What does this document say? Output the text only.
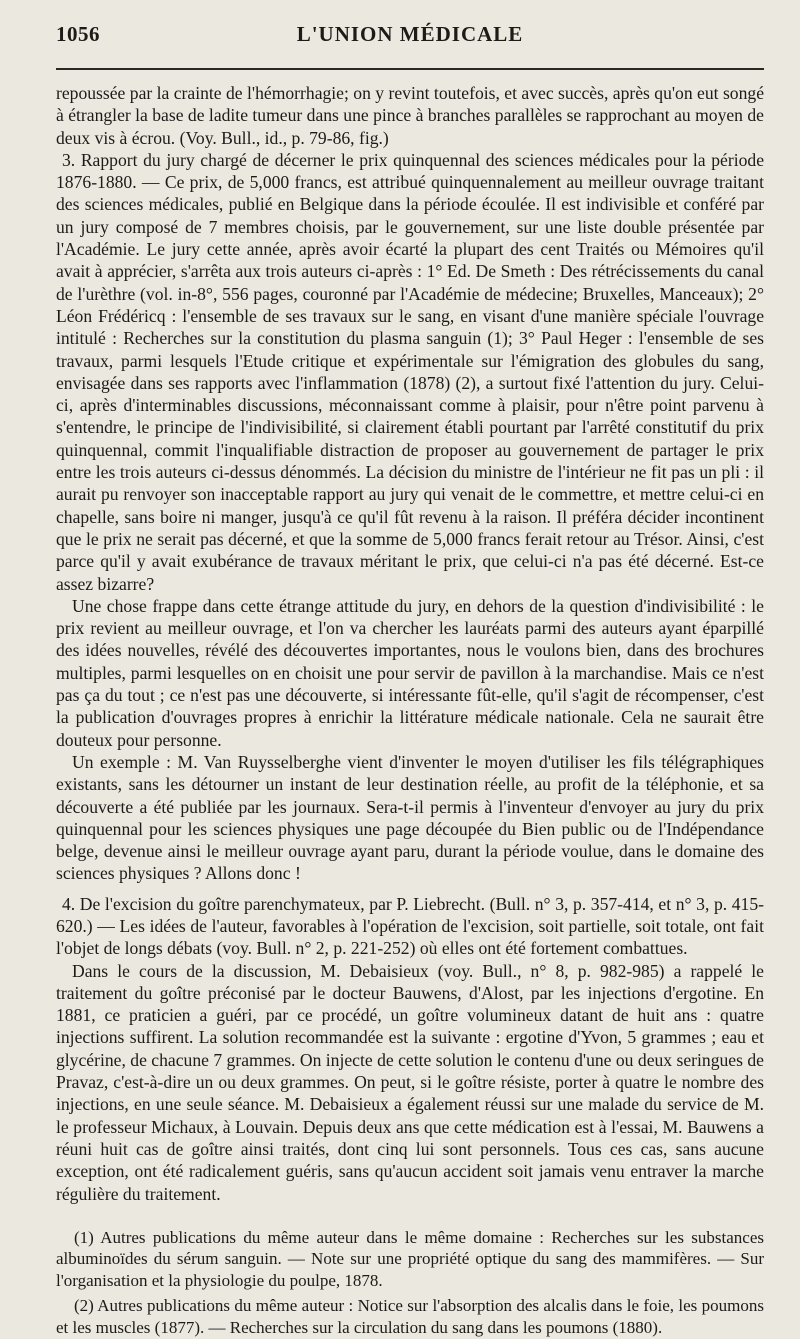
1056	L'UNION MÉDICALE

repoussée par la crainte de l'hémorrhagie; on y revint toutefois, et avec succès, après qu'on eut songé à étrangler la base de ladite tumeur dans une pince à branches parallèles se rapprochant au moyen de deux vis à écrou. (Voy. Bull., id., p. 79-86, fig.)

3. Rapport du jury chargé de décerner le prix quinquennal des sciences médicales pour la période 1876-1880. — Ce prix, de 5,000 francs, est attribué quinquennalement au meilleur ouvrage traitant des sciences médicales, publié en Belgique dans la période écoulée. Il est indivisible et conféré par un jury composé de 7 membres choisis, par le gouvernement, sur une liste double présentée par l'Académie. Le jury cette année, après avoir écarté la plupart des cent Traités ou Mémoires qu'il avait à apprécier, s'arrêta aux trois auteurs ci-après : 1° Ed. De Smeth : Des rétrécissements du canal de l'urèthre (vol. in-8°, 556 pages, couronné par l'Académie de médecine; Bruxelles, Manceaux); 2° Léon Frédéricq : l'ensemble de ses travaux sur le sang, en visant d'une manière spéciale l'ouvrage intitulé : Recherches sur la constitution du plasma sanguin (1); 3° Paul Heger : l'ensemble de ses travaux, parmi lesquels l'Etude critique et expérimentale sur l'émigration des globules du sang, envisagée dans ses rapports avec l'inflammation (1878) (2), a surtout fixé l'attention du jury. Celui-ci, après d'interminables discussions, méconnaissant comme à plaisir, pour n'être point parvenu à s'entendre, le principe de l'indivisibilité, si clairement établi pourtant par l'arrêté constitutif du prix quinquennal, commit l'inqualifiable distraction de proposer au gouvernement de partager le prix entre les trois auteurs ci-dessus dénommés. La décision du ministre de l'intérieur ne fit pas un pli : il aurait pu renvoyer son inacceptable rapport au jury qui venait de le commettre, et mettre celui-ci en chapelle, sans boire ni manger, jusqu'à ce qu'il fût revenu à la raison. Il préféra décider incontinent que le prix ne serait pas décerné, et que la somme de 5,000 francs ferait retour au Trésor. Ainsi, c'est parce qu'il y avait exubérance de travaux méritant le prix, que celui-ci n'a pas été décerné. Est-ce assez bizarre?

Une chose frappe dans cette étrange attitude du jury, en dehors de la question d'indivisibilité : le prix revient au meilleur ouvrage, et l'on va chercher les lauréats parmi des auteurs ayant éparpillé des idées nouvelles, révélé des découvertes importantes, nous le voulons bien, dans des brochures multiples, parmi lesquelles on en choisit une pour servir de pavillon à la marchandise. Mais ce n'est pas ça du tout ; ce n'est pas une découverte, si intéressante fût-elle, qu'il s'agit de récompenser, c'est la publication d'ouvrages propres à enrichir la littérature médicale nationale. Cela ne saurait être douteux pour personne.

Un exemple : M. Van Ruysselberghe vient d'inventer le moyen d'utiliser les fils télégraphiques existants, sans les détourner un instant de leur destination réelle, au profit de la téléphonie, et sa découverte a été publiée par les journaux. Sera-t-il permis à l'inventeur d'envoyer au jury du prix quinquennal pour les sciences physiques une page découpée du Bien public ou de l'Indépendance belge, devenue ainsi le meilleur ouvrage ayant paru, durant la période voulue, dans le domaine des sciences physiques ? Allons donc !

4. De l'excision du goître parenchymateux, par P. Liebrecht. (Bull. n° 3, p. 357-414, et n° 3, p. 415-620.) — Les idées de l'auteur, favorables à l'opération de l'excision, soit partielle, soit totale, ont fait l'objet de longs débats (voy. Bull. n° 2, p. 221-252) où elles ont été fortement combattues.

Dans le cours de la discussion, M. Debaisieux (voy. Bull., n° 8, p. 982-985) a rappelé le traitement du goître préconisé par le docteur Bauwens, d'Alost, par les injections d'ergotine. En 1881, ce praticien a guéri, par ce procédé, un goître volumineux datant de huit ans : quatre injections suffirent. La solution recommandée est la suivante : ergotine d'Yvon, 5 grammes ; eau et glycérine, de chacune 7 grammes. On injecte de cette solution le contenu d'une ou deux seringues de Pravaz, c'est-à-dire un ou deux grammes. On peut, si le goître résiste, porter à quatre le nombre des injections, en une seule séance. M. Debaisieux a également réussi sur une malade du service de M. le professeur Michaux, à Louvain. Depuis deux ans que cette médication est à l'essai, M. Bauwens a réuni huit cas de goître ainsi traités, dont cinq lui sont personnels. Tous ces cas, sans aucune exception, ont été radicalement guéris, sans qu'aucun accident soit jamais venu entraver la marche régulière du traitement.

(1) Autres publications du même auteur dans le même domaine : Recherches sur les substances albuminoïdes du sérum sanguin. — Note sur une propriété optique du sang des mammifères. — Sur l'organisation et la physiologie du poulpe, 1878.

(2) Autres publications du même auteur : Notice sur l'absorption des alcalis dans le foie, les poumons et les muscles (1877). — Recherches sur la circulation du sang dans les poumons (1880).
